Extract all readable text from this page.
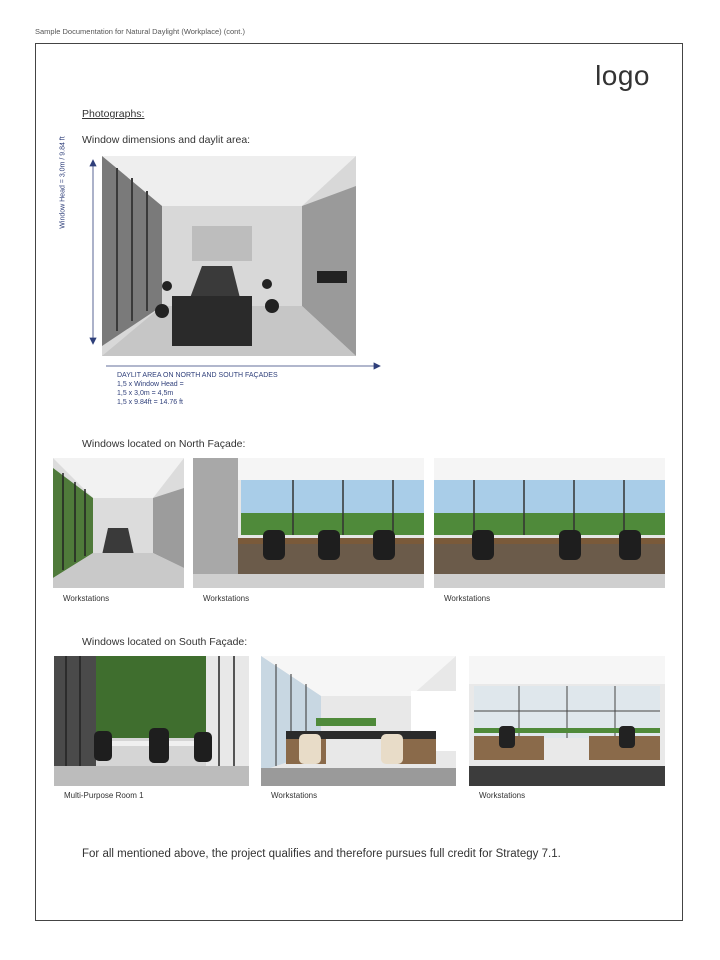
Sample Documentation for Natural Daylight (Workplace) (cont.)
logo
Photographs:
Window dimensions and daylit area:
Window Head = 3,0m / 9.84 ft
DAYLIT AREA ON NORTH AND SOUTH FAÇADES
1,5 x Window Head =
1,5 x 3,0m = 4,5m
1,5 x 9.84ft = 14.76 ft
Windows located on North Façade:
Workstations	Workstations	Workstations
Windows located on South Façade:
Multi-Purpose Room 1	Workstations	Workstations
For all mentioned above, the project qualifies and therefore pursues full credit for Strategy 7.1.
